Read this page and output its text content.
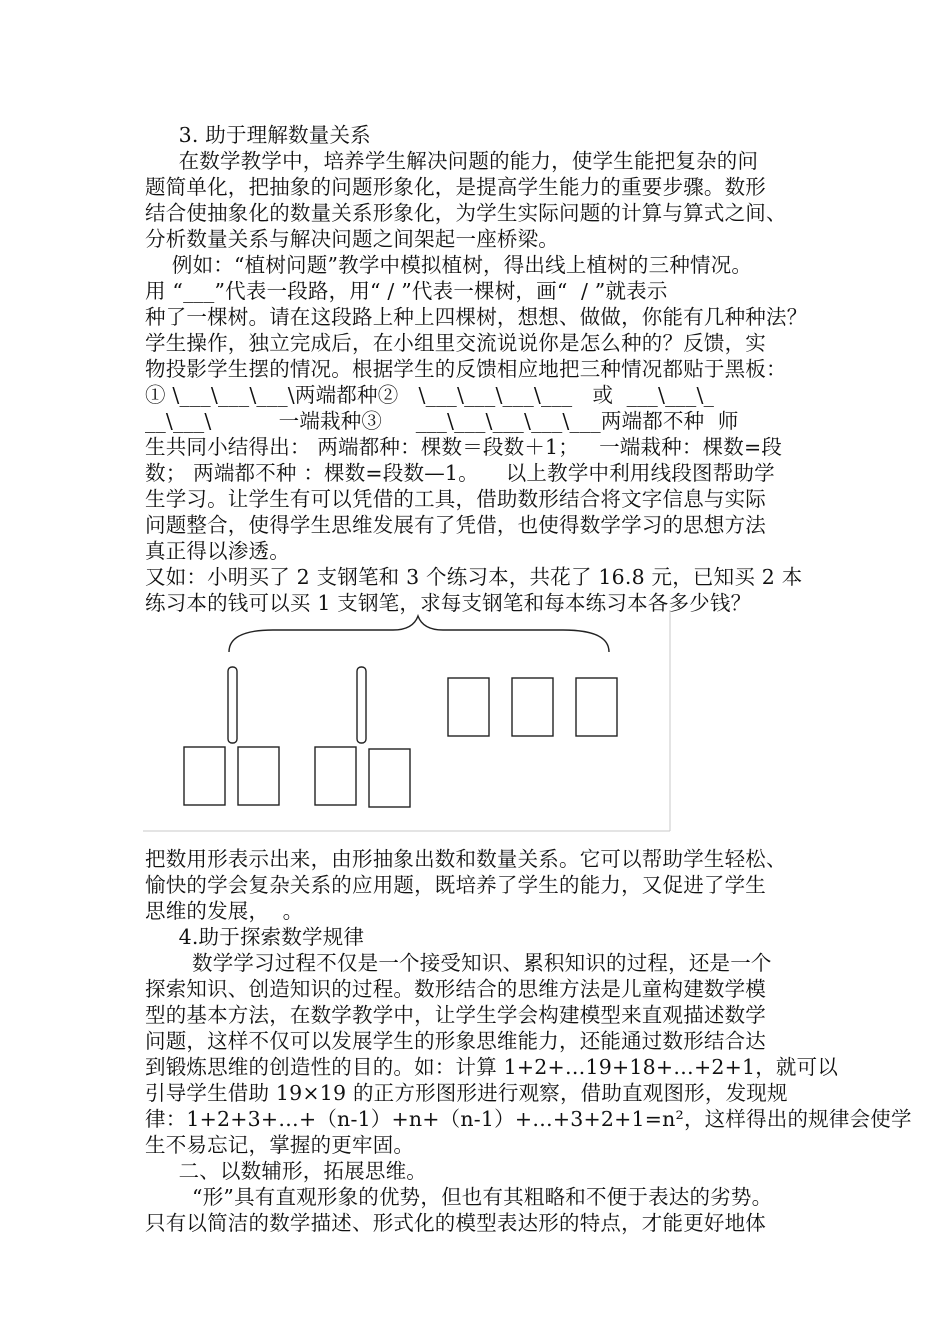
3. 助于理解数量关系
在数学教学中，培养学生解决问题的能力，使学生能把复杂的问
题简单化，把抽象的问题形象化，是提高学生能力的重要步骤。数形
结合使抽象化的数量关系形象化，为学生实际问题的计算与算式之间、
分析数量关系与解决问题之间架起一座桥梁。
例如：“植树问题”教学中模拟植树，得出线上植树的三种情况。
用 “___”代表一段路，用“ / ”代表一棵树，画“  / ”就表示
种了一棵树。请在这段路上种上四棵树，想想、做做，你能有几种种法？
学生操作，独立完成后，在小组里交流说说你是怎么种的？反馈，实
物投影学生摆的情况。根据学生的反馈相应地把三种情况都贴于黑板：
① \___\___\___\两端都种②   \___\___\___\___   或  ___\___\_
__\___\          一端栽种③     ___\___\___\___\___两端都不种  师
生共同小结得出： 两端都种：棵数＝段数＋1；   一端栽种：棵数=段
数； 两端都不种 ：棵数=段数—1。    以上教学中利用线段图帮助学
生学习。让学生有可以凭借的工具，借助数形结合将文字信息与实际
问题整合，使得学生思维发展有了凭借，也使得数学学习的思想方法
真正得以渗透。
又如：小明买了 2 支钢笔和 3 个练习本，共花了 16.8 元，已知买 2 本
练习本的钱可以买 1 支钢笔，求每支钢笔和每本练习本各多少钱？
把数用形表示出来，由形抽象出数和数量关系。它可以帮助学生轻松、
愉快的学会复杂关系的应用题，既培养了学生的能力，又促进了学生
思维的发展，  。
4.助于探索数学规律
数学学习过程不仅是一个接受知识、累积知识的过程，还是一个
探索知识、创造知识的过程。数形结合的思维方法是儿童构建数学模
型的基本方法，在数学教学中，让学生学会构建模型来直观描述数学
问题，这样不仅可以发展学生的形象思维能力，还能通过数形结合达
到锻炼思维的创造性的目的。如：计算 1+2+…19+18+…+2+1，就可以
引导学生借助 19×19 的正方形图形进行观察，借助直观图形，发现规
律：1+2+3+…+（n-1）+n+（n-1）+…+3+2+1=n²，这样得出的规律会使学
生不易忘记，掌握的更牢固。
二、以数辅形，拓展思维。
“形”具有直观形象的优势，但也有其粗略和不便于表达的劣势。
只有以简洁的数学描述、形式化的模型表达形的特点，才能更好地体
